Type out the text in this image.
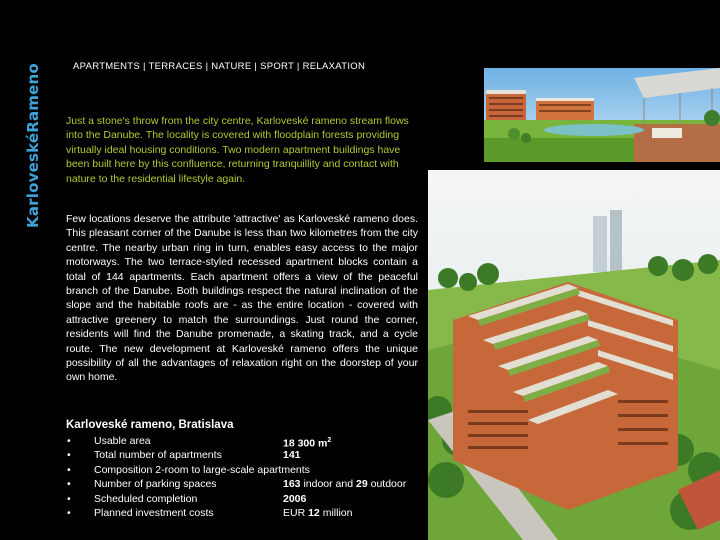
KarloveskéRameno	APARTMENTS | TERRACES | NATURE | SPORT | RELAXATION

Just a stone's throw from the city centre, Karloveské rameno stream flows into the Danube. The locality is covered with floodplain forests providing virtually ideal housing conditions. Two modern apartment buildings have been built here by this confluence, returning tranquillity and contact with nature to the residential lifestyle again.

Few locations deserve the attribute 'attractive' as Karloveské rameno does. This pleasant corner of the Danube is less than two kilometres from the city centre. The nearby urban ring in turn, enables easy access to the major motorways. The two terrace-styled recessed apartment blocks contain a total of 144 apartments. Each apartment offers a view of the peaceful branch of the Danube. Both buildings respect the natural inclination of the slope and the habitable roofs are - as the entire location - covered with attractive greenery to match the surroundings. Just round the corner, residents will find the Danube promenade, a skating track, and a cycle route. The new development at Karloveské rameno offers the unique possibility of all the advantages of relaxation right on the doorstep of your own home.

Karloveské rameno, Bratislava
•	Usable area	18 300 $m^2$
•	Total number of apartments	141
•	Composition 2-room to large-scale apartments
•	Number of parking spaces	163 indoor and 29 outdoor
•	Scheduled completion	2006
•	Planned investment costs	EUR 12 million
